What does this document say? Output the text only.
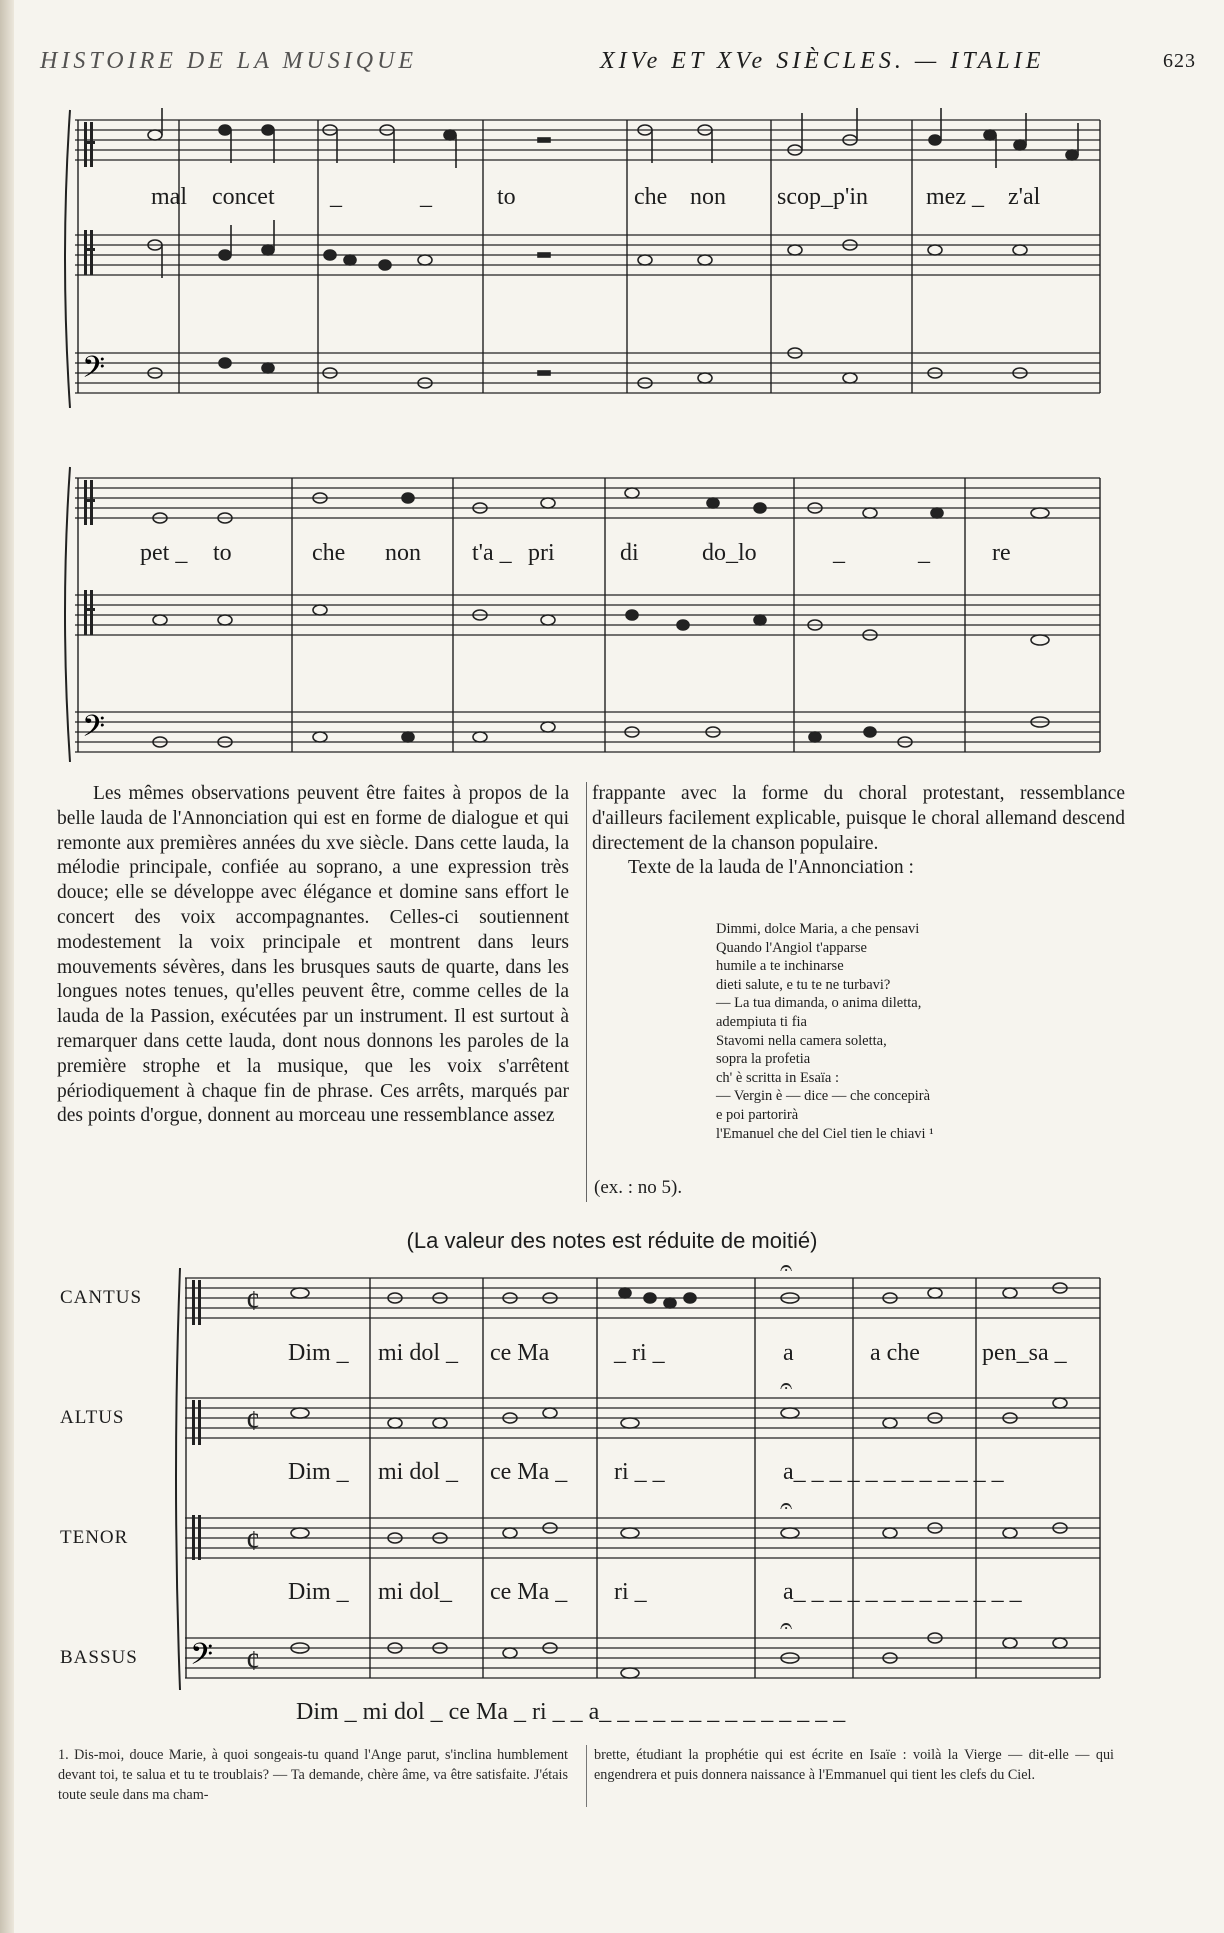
HISTOIRE DE LA MUSIQUE	XIVe ET XVe SIÈCLES. — ITALIE	623
𝄢
mal concet _	_	to	che non scop_p'in mez _ z'al
𝄢
pet _ to	che non t'a _ pri	di	do_lo	_	_	re

Les mêmes observations peuvent être faites à propos de la belle lauda de l'Annonciation qui est en forme de dialogue et qui remonte aux premières années du xve siècle. Dans cette lauda, la mélodie principale, confiée au soprano, a une expression très douce; elle se développe avec élégance et domine sans effort le concert des voix accompagnantes. Celles-ci soutiennent modestement la voix principale et montrent dans leurs mouvements sévères, dans les brusques sauts de quarte, dans les longues notes tenues, qu'elles peuvent être, comme celles de la lauda de la Passion, exécutées par un instrument. Il est surtout à remarquer dans cette lauda, dont nous donnons les paroles de la première strophe et la musique, que les voix s'arrêtent périodiquement à chaque fin de phrase. Ces arrêts, marqués par des points d'orgue, donnent au morceau une ressemblance assez

frappante avec la forme du choral protestant, ressemblance d'ailleurs facilement explicable, puisque le choral allemand descend directement de la chanson populaire.

Texte de la lauda de l'Annonciation :

Dimmi, dolce Maria, a che pensavi
Quando l'Angiol t'apparse
humile a te inchinarse
dieti salute, e tu te ne turbavi?
— La tua dimanda, o anima diletta,
adempiuta ti fia
Stavomi nella camera soletta,
sopra la profetia
ch' è scritta in Esaïa :
— Vergin è — dice — che concepirà
e poi partorirà
l'Emanuel che del Ciel tien le chiavi ¹
(ex. : no 5).
(La valeur des notes est réduite de moitié)
CANTUS
ALTUS
TENOR
BASSUS 𝄢
¢
¢
¢
¢
𝄐
𝄐
𝄐
𝄐
Dim _ mi dol _ ce Ma	_ ri _	a	a che	pen_sa _
Dim _ mi dol _ ce Ma _ ri _ _	a_ _ _ _ _ _ _ _ _ _ _ _
Dim _ mi dol_ ce Ma _ ri _	a_ _ _ _ _ _ _ _ _ _ _ _ _
Dim _ mi dol _ ce Ma _ ri _ _ a_ _ _ _ _ _ _ _ _ _ _ _ _ _
1. Dis-moi, douce Marie, à quoi songeais-tu quand l'Ange parut, s'inclina humblement devant toi, te salua et tu te troublais? — Ta demande, chère âme, va être satisfaite. J'étais toute seule dans ma cham-
brette, étudiant la prophétie qui est écrite en Isaïe : voilà la Vierge — dit-elle — qui engendrera et puis donnera naissance à l'Emmanuel qui tient les clefs du Ciel.
